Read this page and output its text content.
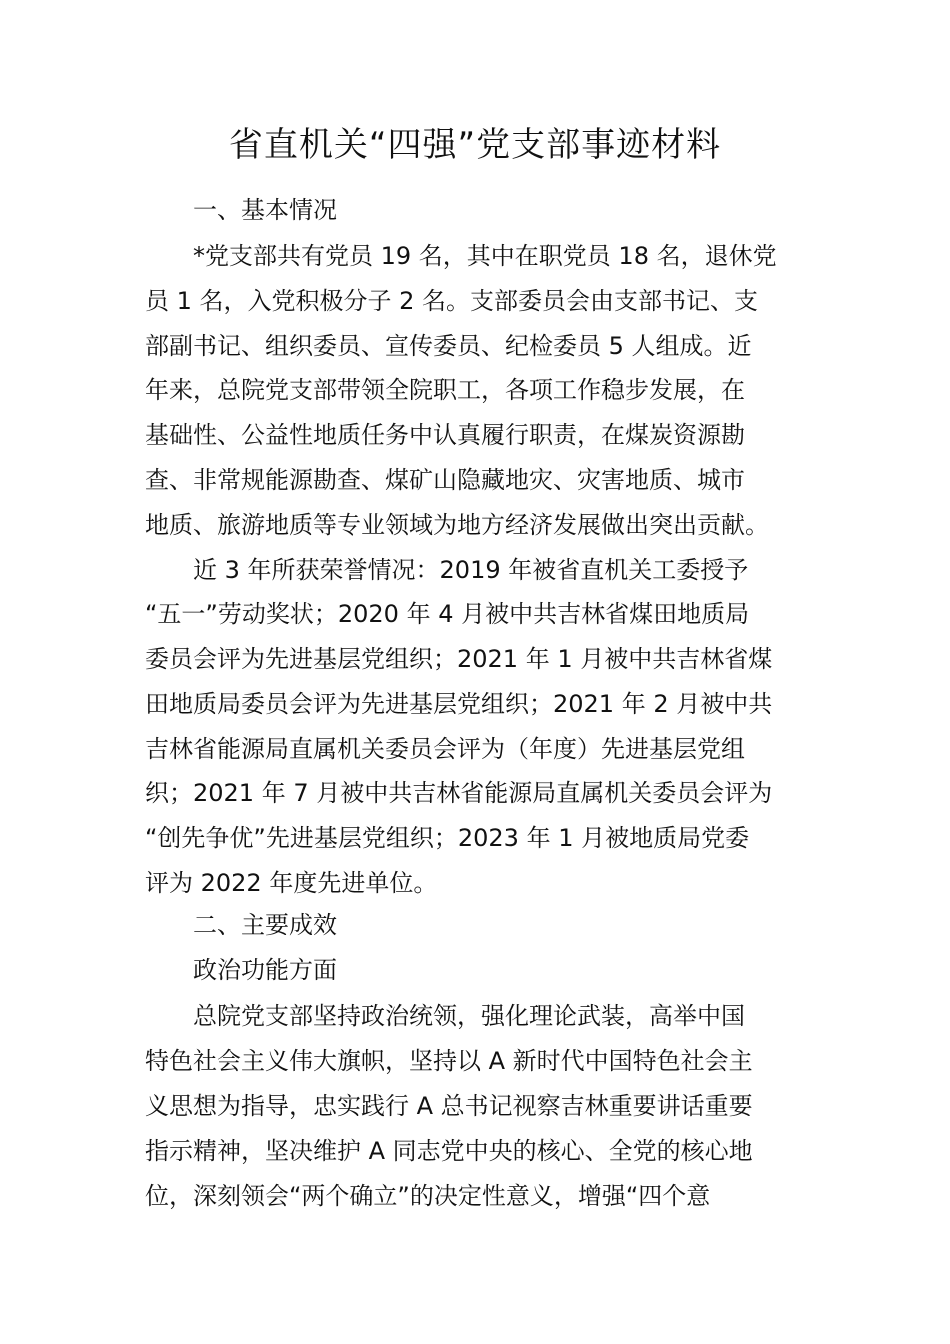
省直机关“四强”党支部事迹材料
一、基本情况
*党支部共有党员 19 名，其中在职党员 18 名，退休党
员 1 名，入党积极分子 2 名。支部委员会由支部书记、支
部副书记、组织委员、宣传委员、纪检委员 5 人组成。近
年来，总院党支部带领全院职工，各项工作稳步发展，在
基础性、公益性地质任务中认真履行职责，在煤炭资源勘
查、非常规能源勘查、煤矿山隐藏地灾、灾害地质、城市
地质、旅游地质等专业领域为地方经济发展做出突出贡献。
近 3 年所获荣誉情况：2019 年被省直机关工委授予
“五一”劳动奖状；2020 年 4 月被中共吉林省煤田地质局
委员会评为先进基层党组织；2021 年 1 月被中共吉林省煤
田地质局委员会评为先进基层党组织；2021 年 2 月被中共
吉林省能源局直属机关委员会评为（年度）先进基层党组
织；2021 年 7 月被中共吉林省能源局直属机关委员会评为
“创先争优”先进基层党组织；2023 年 1 月被地质局党委
评为 2022 年度先进单位。
二、主要成效
政治功能方面
总院党支部坚持政治统领，强化理论武装，高举中国
特色社会主义伟大旗帜，坚持以 A 新时代中国特色社会主
义思想为指导，忠实践行 A 总书记视察吉林重要讲话重要
指示精神，坚决维护 A 同志党中央的核心、全党的核心地
位，深刻领会“两个确立”的决定性意义，增强“四个意
